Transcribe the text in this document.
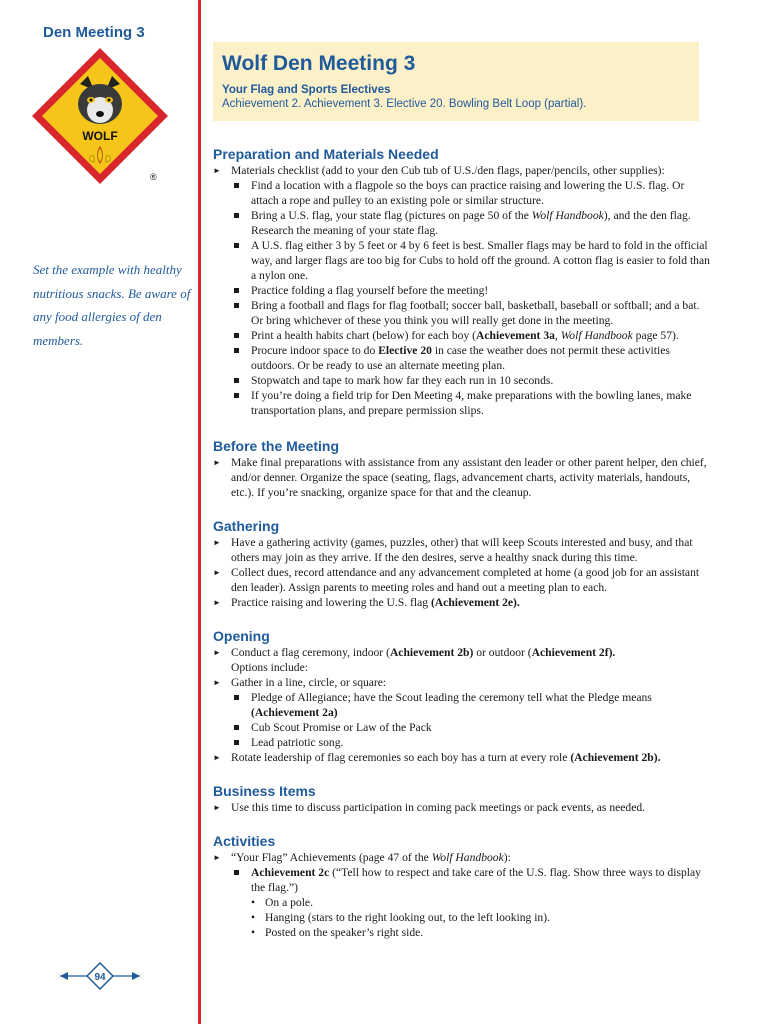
Den Meeting 3
WOLF
®
Set the example with healthy nutritious snacks. Be aware of any food allergies of den members.
94
Wolf Den Meeting 3
Your Flag and Sports Electives
Achievement 2. Achievement 3. Elective 20. Bowling Belt Loop (partial).
Preparation and Materials Needed
► Materials checklist (add to your den Cub tub of U.S./den flags, paper/pencils, other supplies):
Find a location with a flagpole so the boys can practice raising and lowering the U.S. flag. Or attach a rope and pulley to an existing pole or similar structure.
Bring a U.S. flag, your state flag (pictures on page 50 of the Wolf Handbook), and the den flag. Research the meaning of your state flag.
A U.S. flag either 3 by 5 feet or 4 by 6 feet is best. Smaller flags may be hard to fold in the official way, and larger flags are too big for Cubs to hold off the ground. A cotton flag is easier to fold than a nylon one.
Practice folding a flag yourself before the meeting!
Bring a football and flags for flag football; soccer ball, basketball, baseball or softball; and a bat. Or bring whichever of these you think you will really get done in the meeting.
Print a health habits chart (below) for each boy (Achievement 3a, Wolf Handbook page 57).
Procure indoor space to do Elective 20 in case the weather does not permit these activities outdoors. Or be ready to use an alternate meeting plan.
Stopwatch and tape to mark how far they each run in 10 seconds.
If you’re doing a field trip for Den Meeting 4, make preparations with the bowling lanes, make transportation plans, and prepare permission slips.
Before the Meeting
► Make final preparations with assistance from any assistant den leader or other parent helper, den chief, and/or denner. Organize the space (seating, flags, advancement charts, activity materials, handouts, etc.). If you’re snacking, organize space for that and the cleanup.
Gathering
► Have a gathering activity (games, puzzles, other) that will keep Scouts interested and busy, and that others may join as they arrive. If the den desires, serve a healthy snack during this time.
► Collect dues, record attendance and any advancement completed at home (a good job for an assistant den leader). Assign parents to meeting roles and hand out a meeting plan to each.
► Practice raising and lowering the U.S. flag (Achievement 2e).
Opening
► Conduct a flag ceremony, indoor (Achievement 2b) or outdoor (Achievement 2f).
Options include:
► Gather in a line, circle, or square:
Pledge of Allegiance; have the Scout leading the ceremony tell what the Pledge means (Achievement 2a)
Cub Scout Promise or Law of the Pack
Lead patriotic song.
► Rotate leadership of flag ceremonies so each boy has a turn at every role (Achievement 2b).
Business Items
► Use this time to discuss participation in coming pack meetings or pack events, as needed.
Activities
► “Your Flag” Achievements (page 47 of the Wolf Handbook):
Achievement 2c (“Tell how to respect and take care of the U.S. flag. Show three ways to display the flag.”)
• On a pole.
• Hanging (stars to the right looking out, to the left looking in).
• Posted on the speaker’s right side.
